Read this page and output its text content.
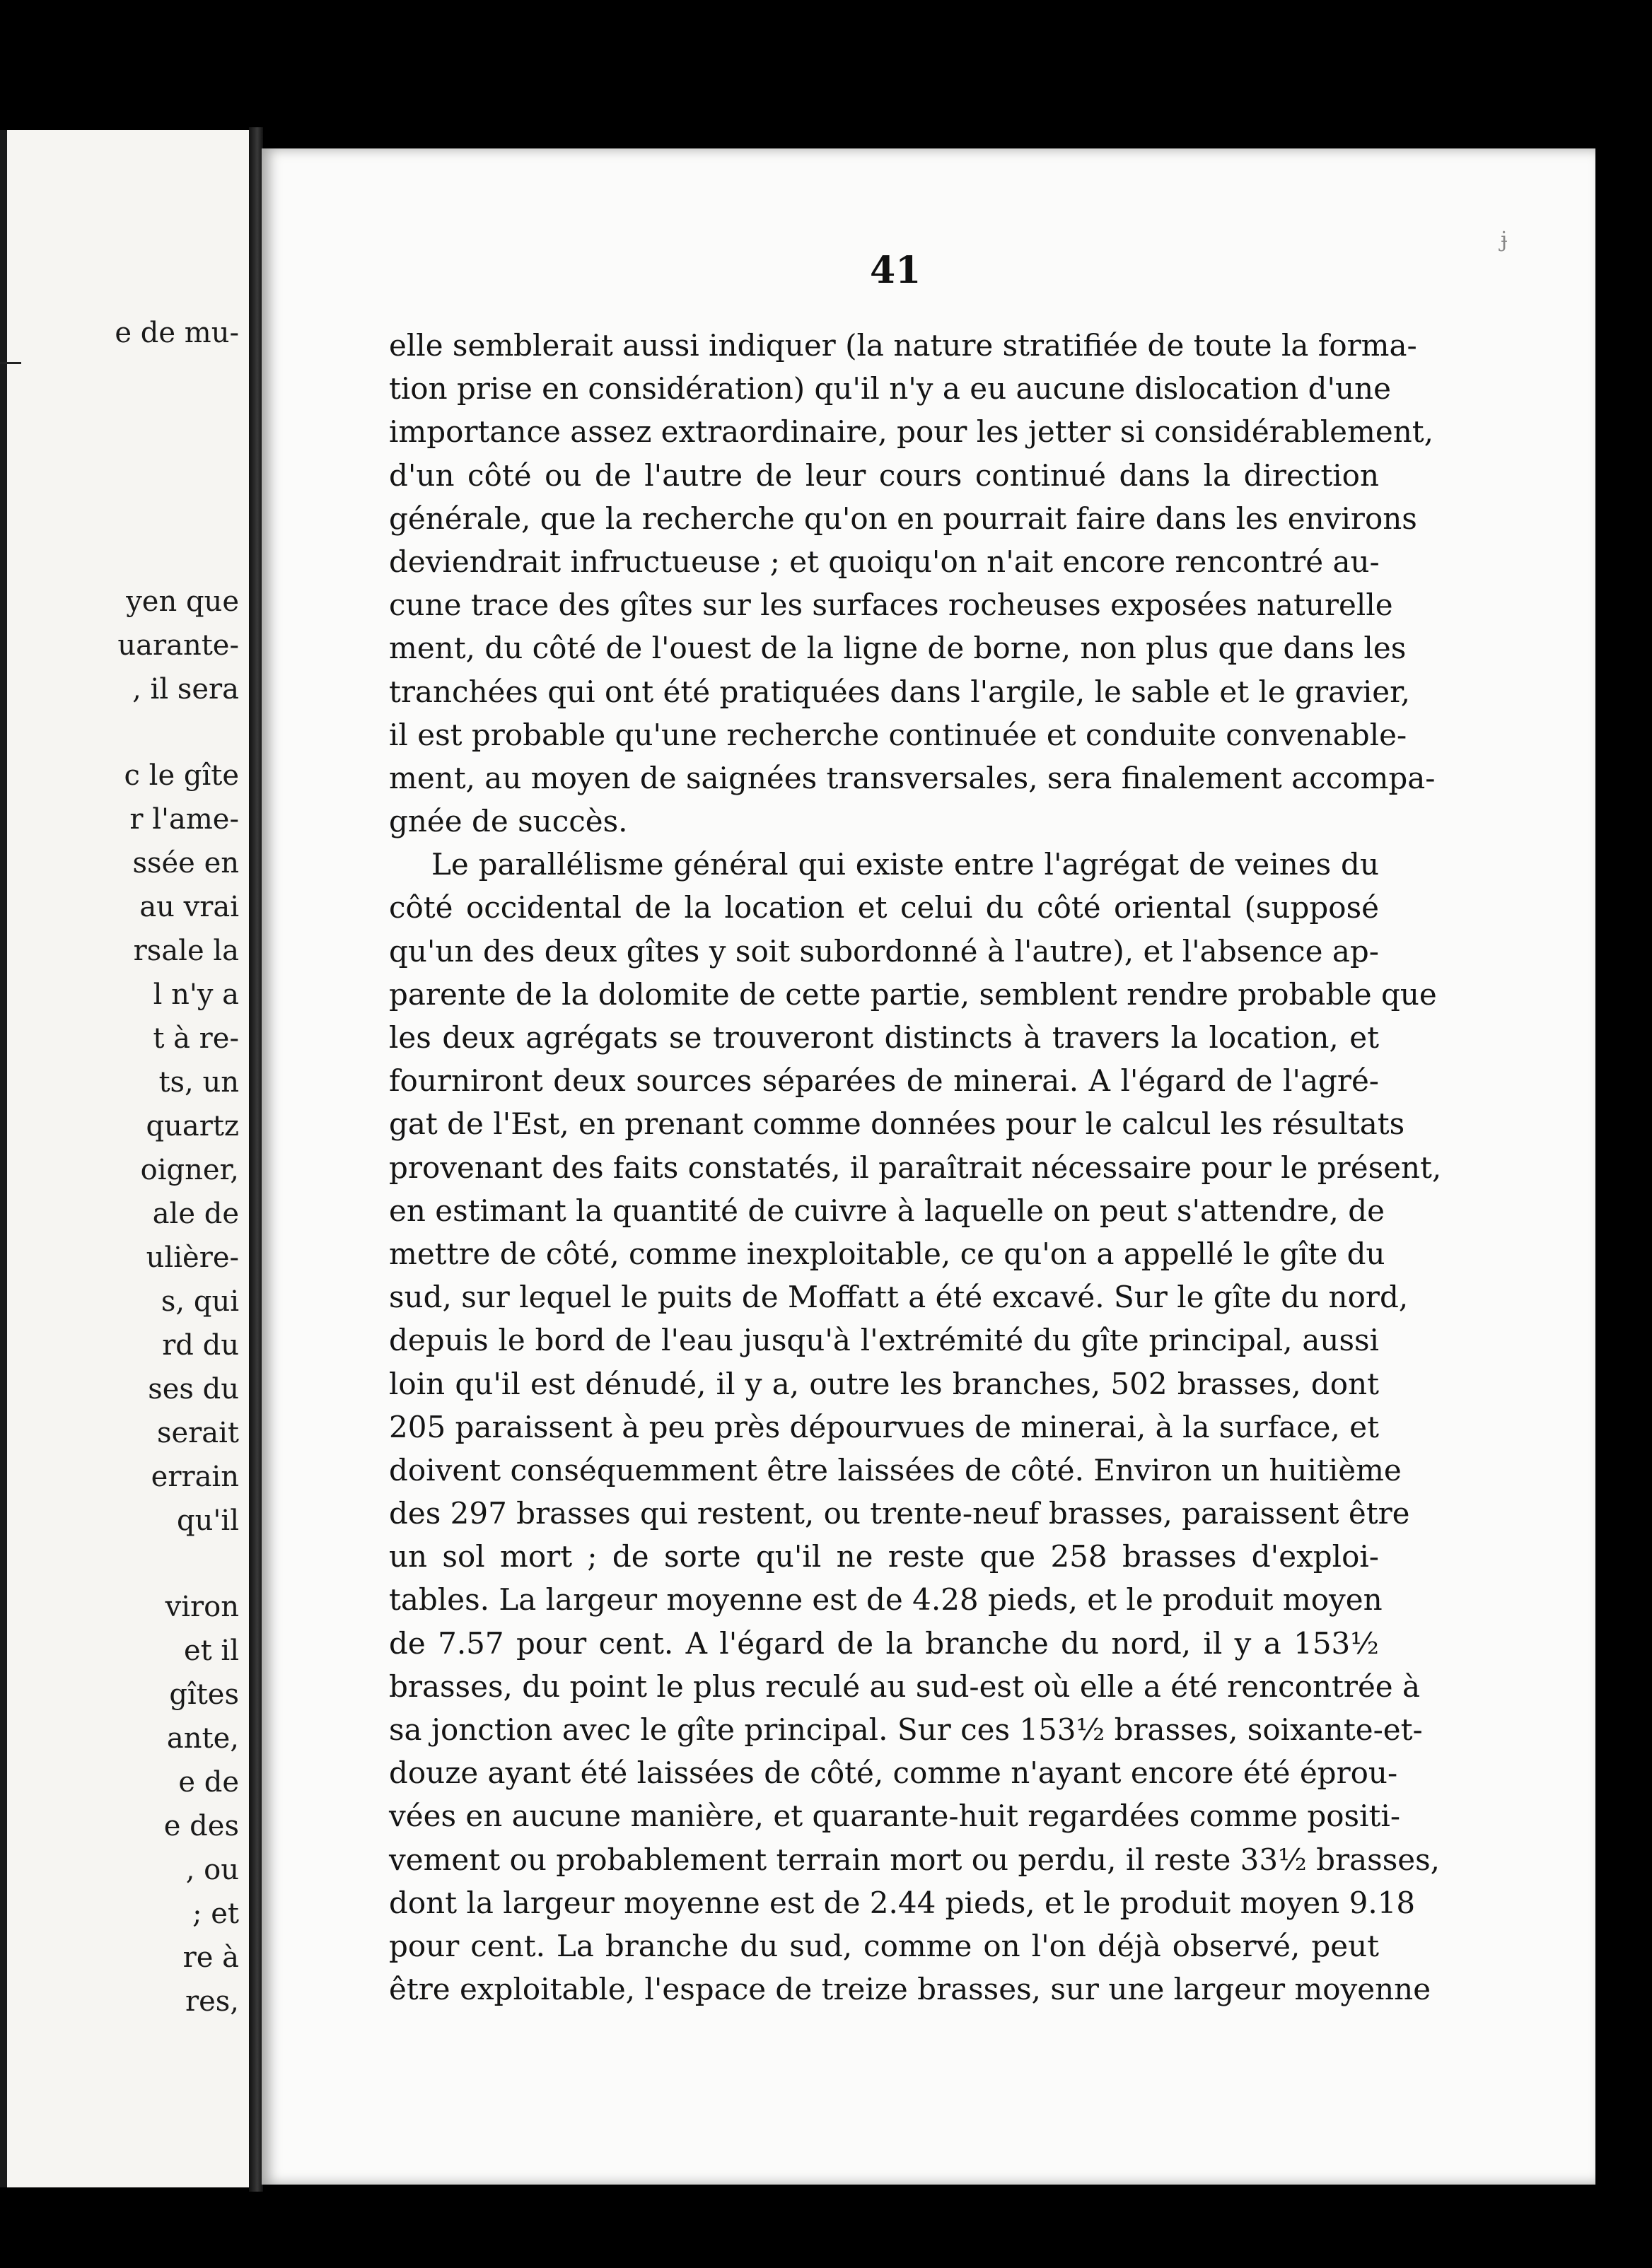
e de mu-
yen que
uarante-
, il sera
c le gîte
r l'ame-
ssée en
au vrai
rsale la
l n'y a
t à re-
ts, un
quartz
oigner,
ale de
ulière-
s, qui
rd du
ses du
serait
errain
qu'il
viron
et il
gîtes
ante,
e de
e des
, ou
; et
re à
res,
41
ɉ
elle semblerait aussi indiquer (la nature stratifiée de toute la forma-
tion prise en considération) qu'il n'y a eu aucune dislocation d'une
importance assez extraordinaire, pour les jetter si considérablement,
d'un côté ou de l'autre de leur cours continué dans la direction
générale, que la recherche qu'on en pourrait faire dans les environs
deviendrait infructueuse ; et quoiqu'on n'ait encore rencontré au-
cune trace des gîtes sur les surfaces rocheuses exposées naturelle
ment, du côté de l'ouest de la ligne de borne, non plus que dans les
tranchées qui ont été pratiquées dans l'argile, le sable et le gravier,
il est probable qu'une recherche continuée et conduite convenable-
ment, au moyen de saignées transversales, sera finalement accompa-
gnée de succès.
Le parallélisme général qui existe entre l'agrégat de veines du
côté occidental de la location et celui du côté oriental (supposé
qu'un des deux gîtes y soit subordonné à l'autre), et l'absence ap-
parente de la dolomite de cette partie, semblent rendre probable que
les deux agrégats se trouveront distincts à travers la location, et
fourniront deux sources séparées de minerai. A l'égard de l'agré-
gat de l'Est, en prenant comme données pour le calcul les résultats
provenant des faits constatés, il paraîtrait nécessaire pour le présent,
en estimant la quantité de cuivre à laquelle on peut s'attendre, de
mettre de côté, comme inexploitable, ce qu'on a appellé le gîte du
sud, sur lequel le puits de Moffatt a été excavé. Sur le gîte du nord,
depuis le bord de l'eau jusqu'à l'extrémité du gîte principal, aussi
loin qu'il est dénudé, il y a, outre les branches, 502 brasses, dont
205 paraissent à peu près dépourvues de minerai, à la surface, et
doivent conséquemment être laissées de côté. Environ un huitième
des 297 brasses qui restent, ou trente-neuf brasses, paraissent être
un sol mort ; de sorte qu'il ne reste que 258 brasses d'exploi-
tables. La largeur moyenne est de 4.28 pieds, et le produit moyen
de 7.57 pour cent. A l'égard de la branche du nord, il y a 153½
brasses, du point le plus reculé au sud-est où elle a été rencontrée à
sa jonction avec le gîte principal. Sur ces 153½ brasses, soixante-et-
douze ayant été laissées de côté, comme n'ayant encore été éprou-
vées en aucune manière, et quarante-huit regardées comme positi-
vement ou probablement terrain mort ou perdu, il reste 33½ brasses,
dont la largeur moyenne est de 2.44 pieds, et le produit moyen 9.18
pour cent. La branche du sud, comme on l'on déjà observé, peut
être exploitable, l'espace de treize brasses, sur une largeur moyenne
